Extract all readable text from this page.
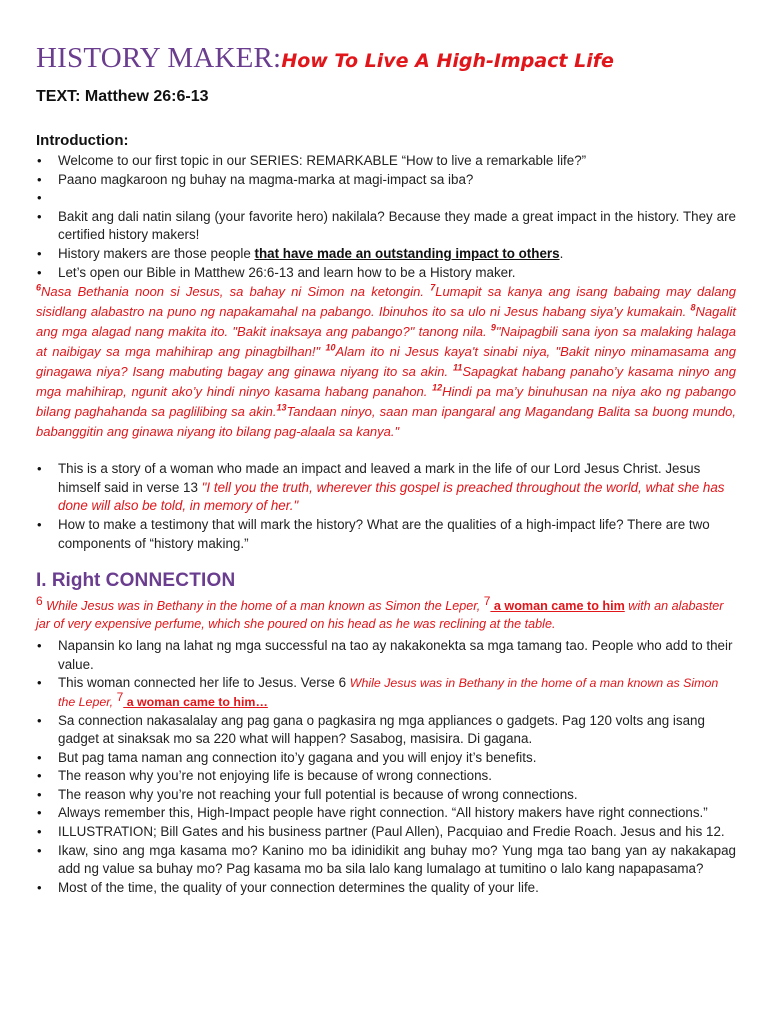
HISTORY MAKER:How To Live A High-Impact Life
TEXT: Matthew 26:6-13
Introduction:
• Welcome to our first topic in our SERIES: REMARKABLE “How to live a remarkable life?”
• Paano magkaroon ng buhay na magma-marka at magi-impact sa iba?
•
• Bakit ang dali natin silang (your favorite hero) nakilala? Because they made a great impact in the history. They are certified history makers!
• History makers are those people that have made an outstanding impact to others.
• Let’s open our Bible in Matthew 26:6-13 and learn how to be a History maker.
$^6$Nasa Bethania noon si Jesus, sa bahay ni Simon na ketongin. $^7$Lumapit sa kanya ang isang babaing may dalang sisidlang alabastro na puno ng napakamahal na pabango. Ibinuhos ito sa ulo ni Jesus habang siya’y kumakain. $^8$Nagalit ang mga alagad nang makita ito. "Bakit inaksaya ang pabango?" tanong nila. $^9$"Naipagbili sana iyon sa malaking halaga at naibigay sa mga mahihirap ang pinagbilhan!" $^{10}$Alam ito ni Jesus kaya't sinabi niya, "Bakit ninyo minamasama ang ginagawa niya? Isang mabuting bagay ang ginawa niyang ito sa akin. $^{11}$Sapagkat habang panaho’y kasama ninyo ang mga mahihirap, ngunit ako’y hindi ninyo kasama habang panahon. $^{12}$Hindi pa ma’y binuhusan na niya ako ng pabango bilang paghahanda sa paglilibing sa akin.$^{13}$Tandaan ninyo, saan man ipangaral ang Magandang Balita sa buong mundo, babanggitin ang ginawa niyang ito bilang pag-alaala sa kanya."
• This is a story of a woman who made an impact and leaved a mark in the life of our Lord Jesus Christ. Jesus himself said in verse 13 "I tell you the truth, wherever this gospel is preached throughout the world, what she has done will also be told, in memory of her."
• How to make a testimony that will mark the history? What are the qualities of a high-impact life? There are two components of “history making.”
I. Right CONNECTION
$^6$ While Jesus was in Bethany in the home of a man known as Simon the Leper, $^7$ a woman came to him with an alabaster jar of very expensive perfume, which she poured on his head as he was reclining at the table.
• Napansin ko lang na lahat ng mga successful na tao ay nakakonekta sa mga tamang tao. People who add to their value.
• This woman connected her life to Jesus. Verse 6 While Jesus was in Bethany in the home of a man known as Simon the Leper, $^7$ a woman came to him…
• Sa connection nakasalalay ang pag gana o pagkasira ng mga appliances o gadgets. Pag 120 volts ang isang gadget at sinaksak mo sa 220 what will happen? Sasabog, masisira. Di gagana.
• But pag tama naman ang connection ito’y gagana and you will enjoy it’s benefits.
• The reason why you’re not enjoying life is because of wrong connections.
• The reason why you’re not reaching your full potential is because of wrong connections.
• Always remember this, High-Impact people have right connection. “All history makers have right connections.”
• ILLUSTRATION; Bill Gates and his business partner (Paul Allen), Pacquiao and Fredie Roach. Jesus and his 12.
• Ikaw, sino ang mga kasama mo? Kanino mo ba idinidikit ang buhay mo? Yung mga tao bang yan ay nakakapag add ng value sa buhay mo? Pag kasama mo ba sila lalo kang lumalago at tumitino o lalo kang napapasama?
• Most of the time, the quality of your connection determines the quality of your life.
